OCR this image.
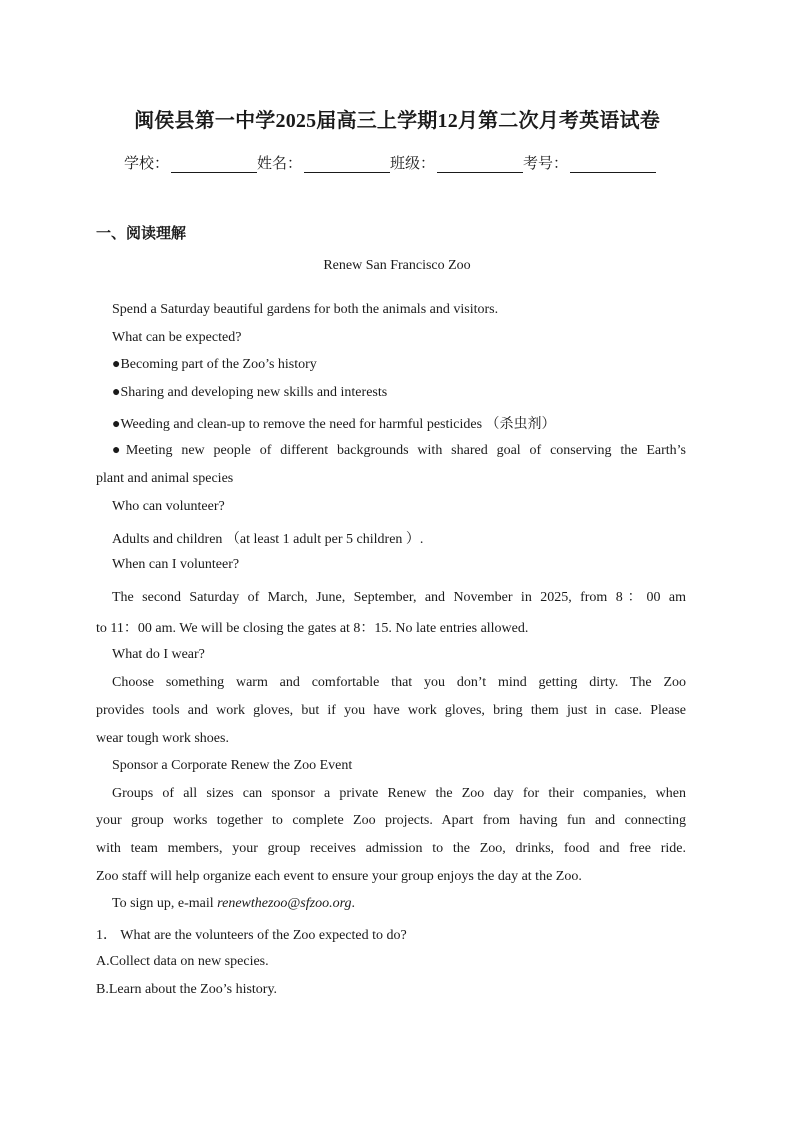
闽侯县第一中学2025届高三上学期12月第二次月考英语试卷
学校：	姓名：	班级：	考号：
一、阅读理解
Renew San Francisco Zoo
Spend a Saturday beautiful gardens for both the animals and visitors.
What can be expected?
●Becoming part of the Zoo’s history
●Sharing and developing new skills and interests
●Weeding and clean-up to remove the need for harmful pesticides （杀虫剂）
●Meeting new people of different backgrounds with shared goal of conserving the Earth’s
plant and animal species
Who can volunteer?
Adults and children （at least 1 adult per 5 children ）.
When can I volunteer?
The second Saturday of March, June, September, and November in 2025, from 8：00 am
to 11：00 am. We will be closing the gates at 8：15. No late entries allowed.
What do I wear?
Choose something warm and comfortable that you don’t mind getting dirty. The Zoo
provides tools and work gloves, but if you have work gloves, bring them just in case. Please
wear tough work shoes.
Sponsor a Corporate Renew the Zoo Event
Groups of all sizes can sponsor a private Renew the Zoo day for their companies, when
your group works together to complete Zoo projects. Apart from having fun and connecting
with team members, your group receives admission to the Zoo, drinks, food and free ride.
Zoo staff will help organize each event to ensure your group enjoys the day at the Zoo.
To sign up, e-mail renewthezoo@sfzoo.org.
1． What are the volunteers of the Zoo expected to do?
A.Collect data on new species.
B.Learn about the Zoo’s history.
